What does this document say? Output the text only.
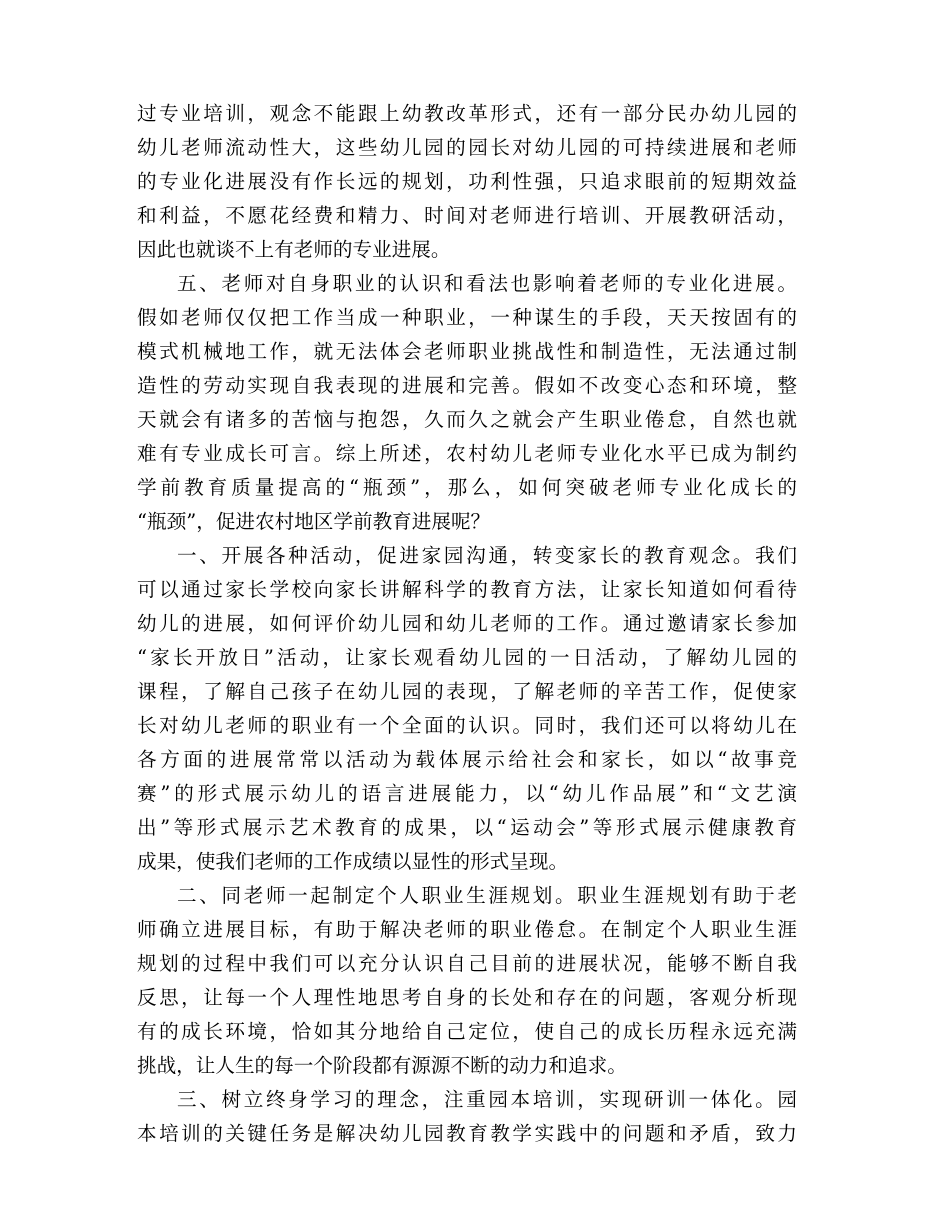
过专业培训，观念不能跟上幼教改革形式，还有一部分民办幼儿园的
幼儿老师流动性大，这些幼儿园的园长对幼儿园的可持续进展和老师
的专业化进展没有作长远的规划，功利性强，只追求眼前的短期效益
和利益，不愿花经费和精力、时间对老师进行培训、开展教研活动，
因此也就谈不上有老师的专业进展。
五、老师对自身职业的认识和看法也影响着老师的专业化进展。
假如老师仅仅把工作当成一种职业，一种谋生的手段，天天按固有的
模式机械地工作，就无法体会老师职业挑战性和制造性，无法通过制
造性的劳动实现自我表现的进展和完善。假如不改变心态和环境，整
天就会有诸多的苦恼与抱怨，久而久之就会产生职业倦怠，自然也就
难有专业成长可言。综上所述，农村幼儿老师专业化水平已成为制约
学前教育质量提高的“瓶颈”，那么，如何突破老师专业化成长的
“瓶颈”，促进农村地区学前教育进展呢？
一、开展各种活动，促进家园沟通，转变家长的教育观念。我们
可以通过家长学校向家长讲解科学的教育方法，让家长知道如何看待
幼儿的进展，如何评价幼儿园和幼儿老师的工作。通过邀请家长参加
“家长开放日”活动，让家长观看幼儿园的一日活动，了解幼儿园的
课程，了解自己孩子在幼儿园的表现，了解老师的辛苦工作，促使家
长对幼儿老师的职业有一个全面的认识。同时，我们还可以将幼儿在
各方面的进展常常以活动为载体展示给社会和家长，如以“故事竞
赛”的形式展示幼儿的语言进展能力，以“幼儿作品展”和“文艺演
出”等形式展示艺术教育的成果，以“运动会”等形式展示健康教育
成果，使我们老师的工作成绩以显性的形式呈现。
二、同老师一起制定个人职业生涯规划。职业生涯规划有助于老
师确立进展目标，有助于解决老师的职业倦怠。在制定个人职业生涯
规划的过程中我们可以充分认识自己目前的进展状况，能够不断自我
反思，让每一个人理性地思考自身的长处和存在的问题，客观分析现
有的成长环境，恰如其分地给自己定位，使自己的成长历程永远充满
挑战，让人生的每一个阶段都有源源不断的动力和追求。
三、树立终身学习的理念，注重园本培训，实现研训一体化。园
本培训的关键任务是解决幼儿园教育教学实践中的问题和矛盾，致力
